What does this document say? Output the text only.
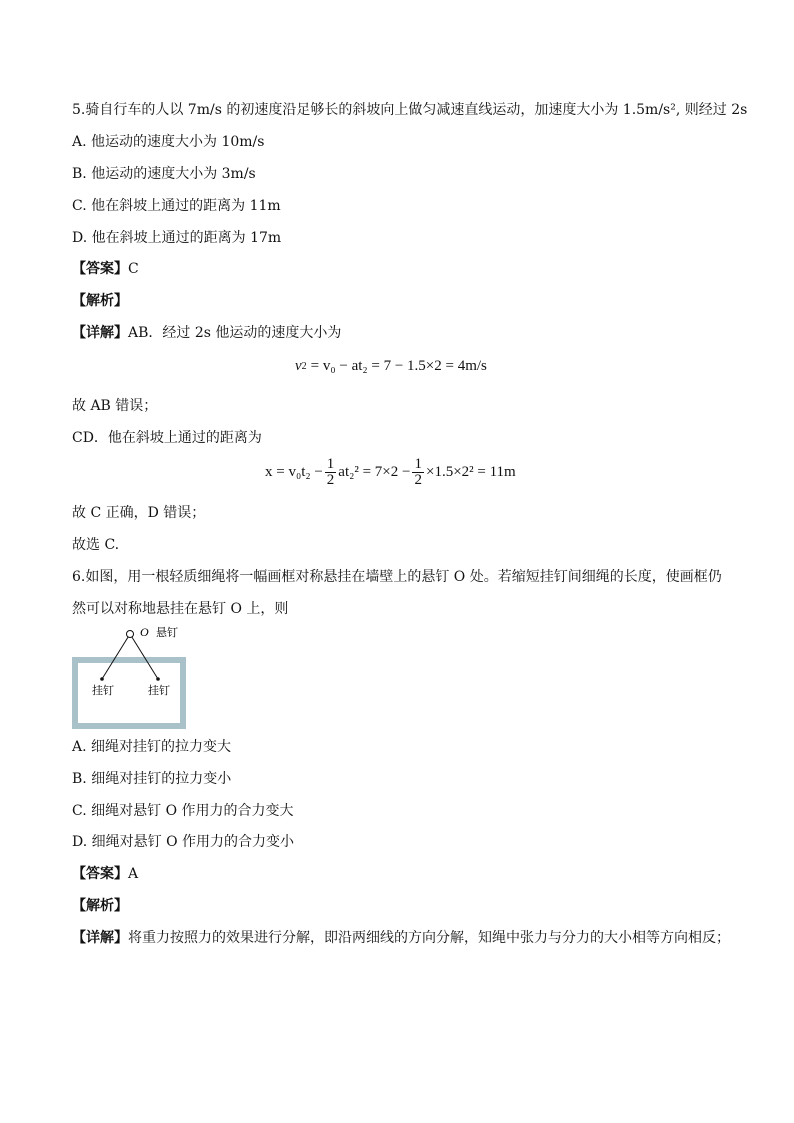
5.骑自行车的人以 7m/s 的初速度沿足够长的斜坡向上做匀减速直线运动，加速度大小为 1.5m/s², 则经过 2s
A. 他运动的速度大小为 10m/s
B. 他运动的速度大小为 3m/s
C. 他在斜坡上通过的距离为 11m
D. 他在斜坡上通过的距离为 17m
【答案】C
【解析】
【详解】AB．经过 2s 他运动的速度大小为
v 2 = v₀ − at₂ = 7 − 1.5×2 = 4m/s
故 AB 错误；
CD．他在斜坡上通过的距离为
$x = v_0t_2 - \frac{1}{2} at_2^2 = 7\times 2 - \frac{1}{2} \times 1.5\times 2^2 = 11m$
故 C 正确，D 错误；
故选 C.
6.如图，用一根轻质细绳将一幅画框对称悬挂在墙壁上的悬钉 O 处。若缩短挂钉间细绳的长度，使画框仍
然可以对称地悬挂在悬钉 O 上，则
O 悬钉
挂钉	挂钉
A. 细绳对挂钉的拉力变大
B. 细绳对挂钉的拉力变小
C. 细绳对悬钉 O 作用力的合力变大
D. 细绳对悬钉 O 作用力的合力变小
【答案】A
【解析】
【详解】将重力按照力的效果进行分解，即沿两细线的方向分解，知绳中张力与分力的大小相等方向相反；
